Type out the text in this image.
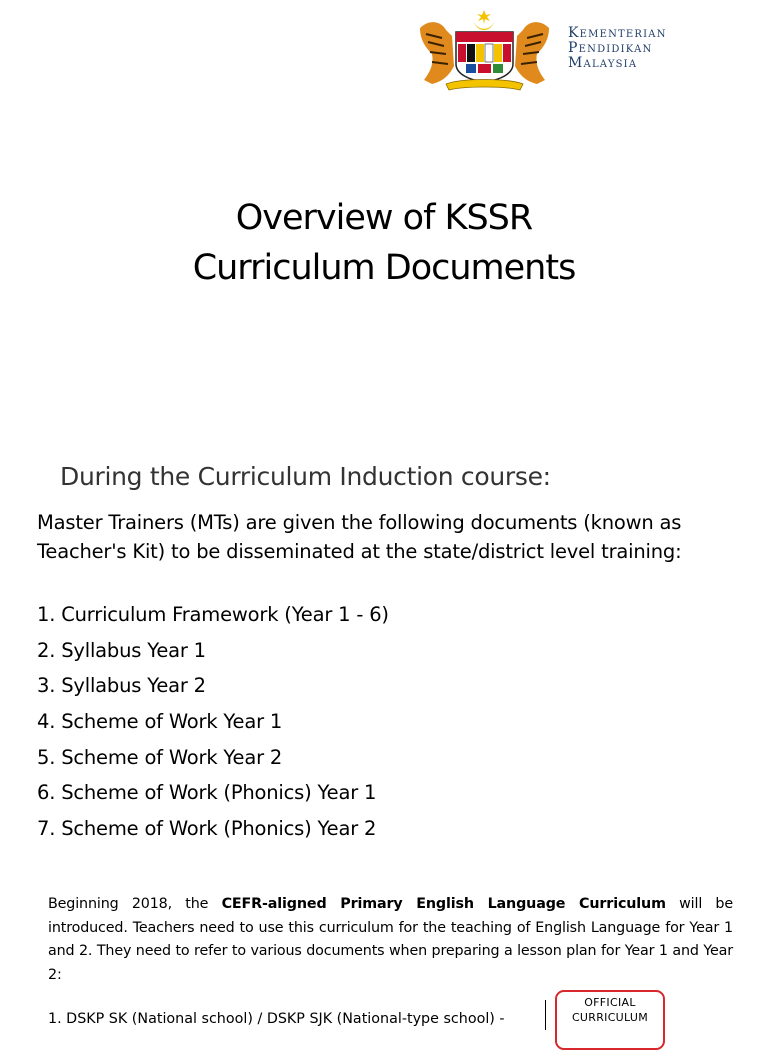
Kementerian
Pendidikan
Malaysia
Overview of KSSR
Curriculum Documents
During the Curriculum Induction course:
Master Trainers (MTs) are given the following documents (known as Teacher's Kit) to be disseminated at the state/district level training:
1. Curriculum Framework (Year 1 - 6)
2. Syllabus Year 1
3. Syllabus Year 2
4. Scheme of Work Year 1
5. Scheme of Work Year 2
6. Scheme of Work (Phonics) Year 1
7. Scheme of Work (Phonics) Year 2
Beginning 2018, the CEFR-aligned Primary English Language Curriculum will be introduced. Teachers need to use this curriculum for the teaching of English Language for Year 1 and 2. They need to refer to various documents when preparing a lesson plan for Year 1 and Year 2:
1. DSKP SK (National school) / DSKP SJK (National-type school) -
OFFICIAL
CURRICULUM
